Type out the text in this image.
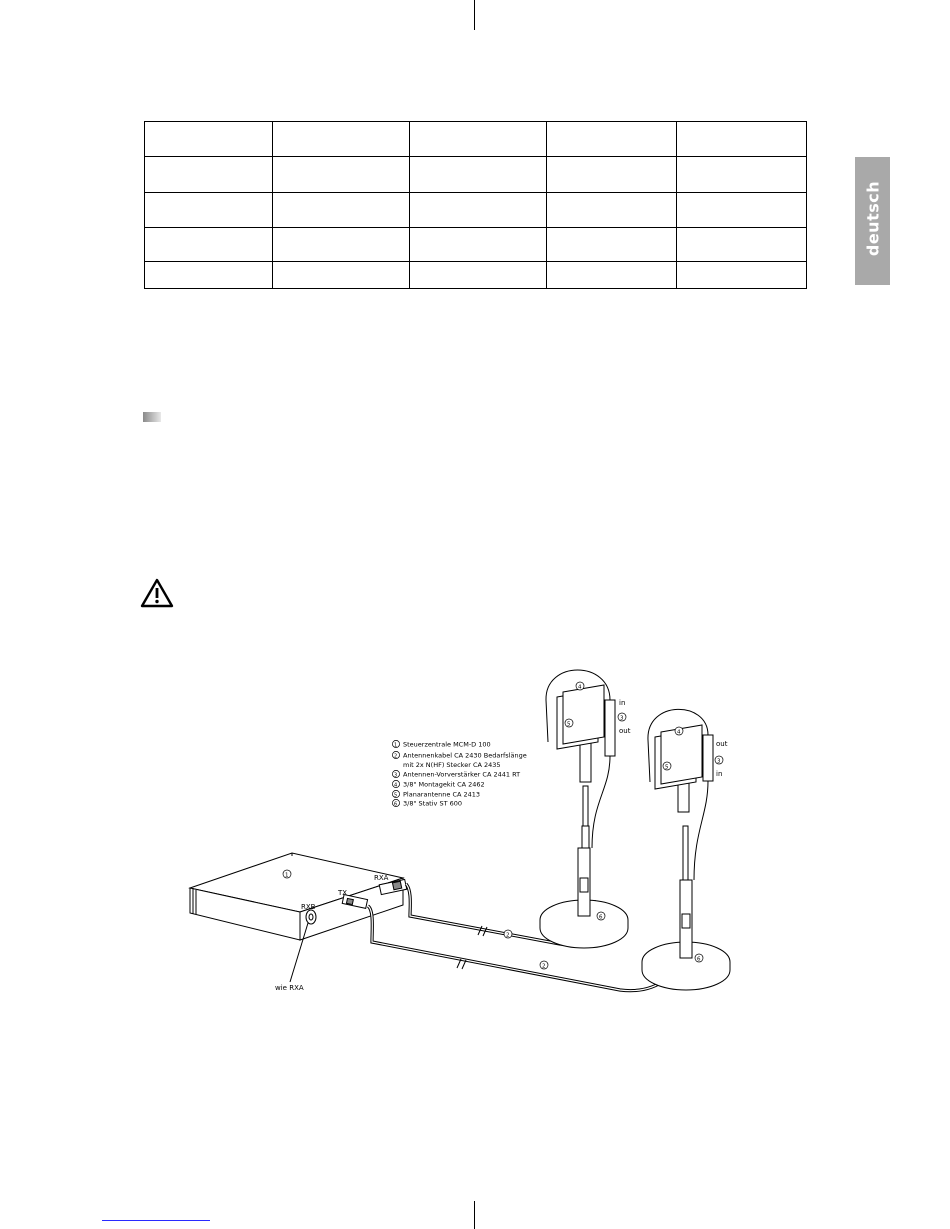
deutsch

1 Steuerzentrale MCM-D 100
2 Antennenkabel CA 2430 Bedarfslänge
mit 2x N(HF) Stecker CA 2435
3 Antennen-Vorverstärker CA 2441 RT
4 3/8" Montagekit CA 2462
5 Planarantenne CA 2413
6 3/8" Stativ ST 600
RXA
TX
RXB
wie RXA
in
out
out
in
1
2
2
3
3
4
4
5
5
6
6
